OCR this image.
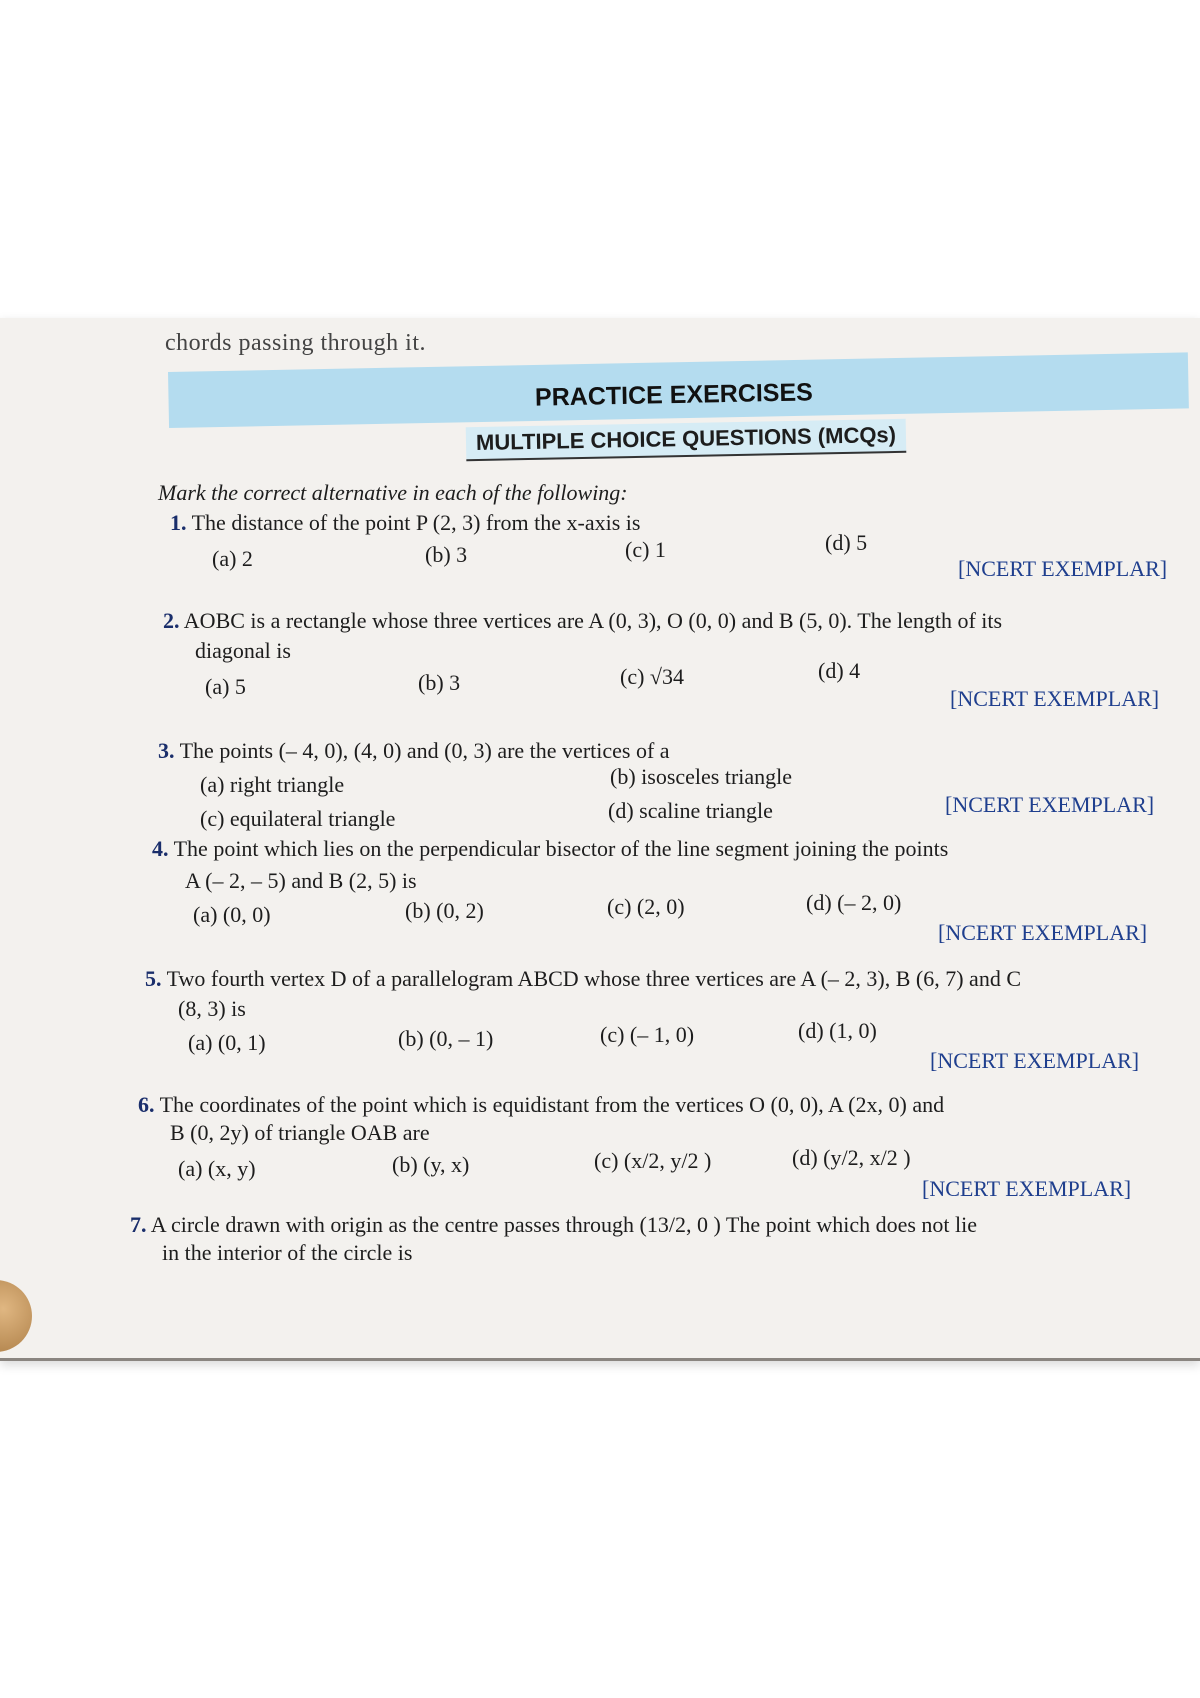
chords passing through it.
PRACTICE EXERCISES
MULTIPLE CHOICE QUESTIONS (MCQs)
Mark the correct alternative in each of the following:
1. The distance of the point P (2, 3) from the x-axis is
(a) 2	(b) 3	(c) 1	(d) 5
[NCERT EXEMPLAR]
2. AOBC is a rectangle whose three vertices are A (0, 3), O (0, 0) and B (5, 0). The length of its
diagonal is
(a) 5	(b) 3	(c) √34	(d) 4
[NCERT EXEMPLAR]
3. The points (– 4, 0), (4, 0) and (0, 3) are the vertices of a
(a) right triangle	(b) isosceles triangle
(c) equilateral triangle	(d) scaline triangle	[NCERT EXEMPLAR]
4. The point which lies on the perpendicular bisector of the line segment joining the points
A (– 2, – 5) and B (2, 5) is
(a) (0, 0)	(b) (0, 2)	(c) (2, 0)	(d) (– 2, 0)
[NCERT EXEMPLAR]
5. Two fourth vertex D of a parallelogram ABCD whose three vertices are A (– 2, 3), B (6, 7) and C
(8, 3) is
(a) (0, 1)	(b) (0, – 1)	(c) (– 1, 0)	(d) (1, 0)
[NCERT EXEMPLAR]
6. The coordinates of the point which is equidistant from the vertices O (0, 0), A (2x, 0) and
B (0, 2y) of triangle OAB are
(a) (x, y)	(b) (y, x)	(c) (x/2, y/2 )	(d) (y/2, x/2 )
[NCERT EXEMPLAR]
7. A circle drawn with origin as the centre passes through (13/2, 0 ) The point which does not lie
in the interior of the circle is
